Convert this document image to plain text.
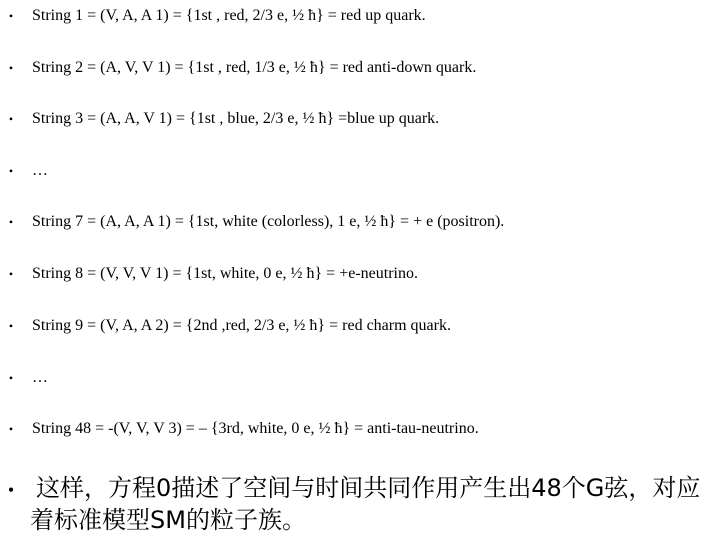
• String 1 = (V, A, A 1) = {1st , red, 2/3 e, ½ ħ} = red up quark.
• String 2 = (A, V, V 1) = {1st , red, 1/3 e, ½ ħ} = red anti-down quark.
• String 3 = (A, A, V 1) = {1st , blue, 2/3 e, ½ ħ} =blue up quark.
• …
• String 7 = (A, A, A 1) = {1st, white (colorless), 1 e, ½ ħ} = + e (positron).
• String 8 = (V, V, V 1) = {1st, white, 0 e, ½ ħ} = +e-neutrino.
• String 9 = (V, A, A 2) = {2nd ,red, 2/3 e, ½ ħ} = red charm quark.
• …
• String 48 = -(V, V, V 3) = – {3rd, white, 0 e, ½ ħ} = anti-tau-neutrino.
• 这样，方程0描述了空间与时间共同作用产生出48个G弦，对应着标准模型SM的粒子族。
